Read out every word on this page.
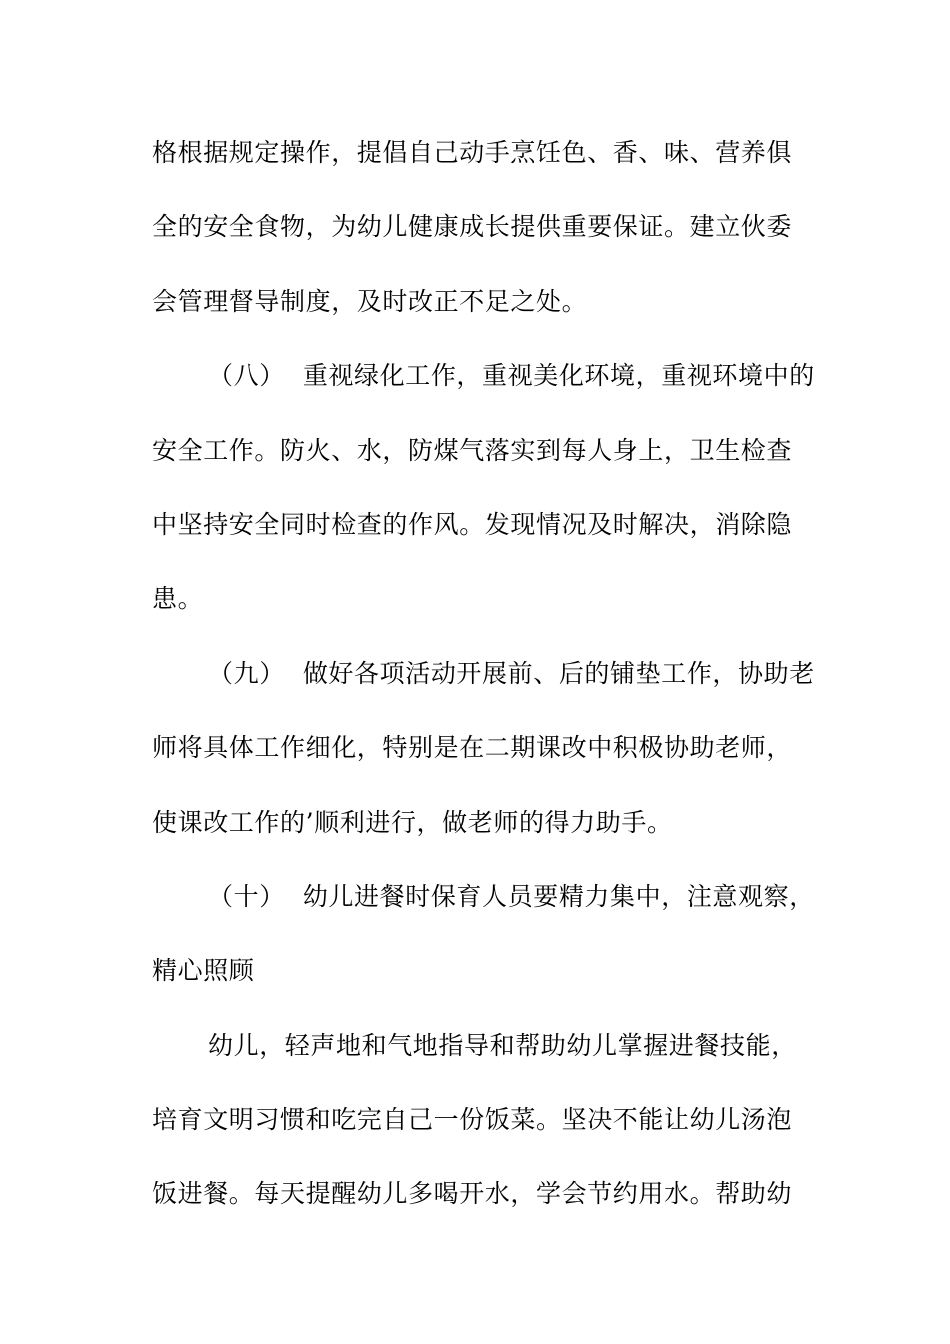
格根据规定操作，提倡自己动手烹饪色、香、味、营养俱
全的安全食物，为幼儿健康成长提供重要保证。建立伙委
会管理督导制度，及时改正不足之处。
（八） 重视绿化工作，重视美化环境，重视环境中的
安全工作。防火、水，防煤气落实到每人身上，卫生检查
中坚持安全同时检查的作风。发现情况及时解决，消除隐
患。
（九） 做好各项活动开展前、后的铺垫工作，协助老
师将具体工作细化，特别是在二期课改中积极协助老师，
使课改工作的’顺利进行，做老师的得力助手。
（十） 幼儿进餐时保育人员要精力集中，注意观察，
精心照顾
幼儿，轻声地和气地指导和帮助幼儿掌握进餐技能，
培育文明习惯和吃完自己一份饭菜。坚决不能让幼儿汤泡
饭进餐。每天提醒幼儿多喝开水，学会节约用水。帮助幼
